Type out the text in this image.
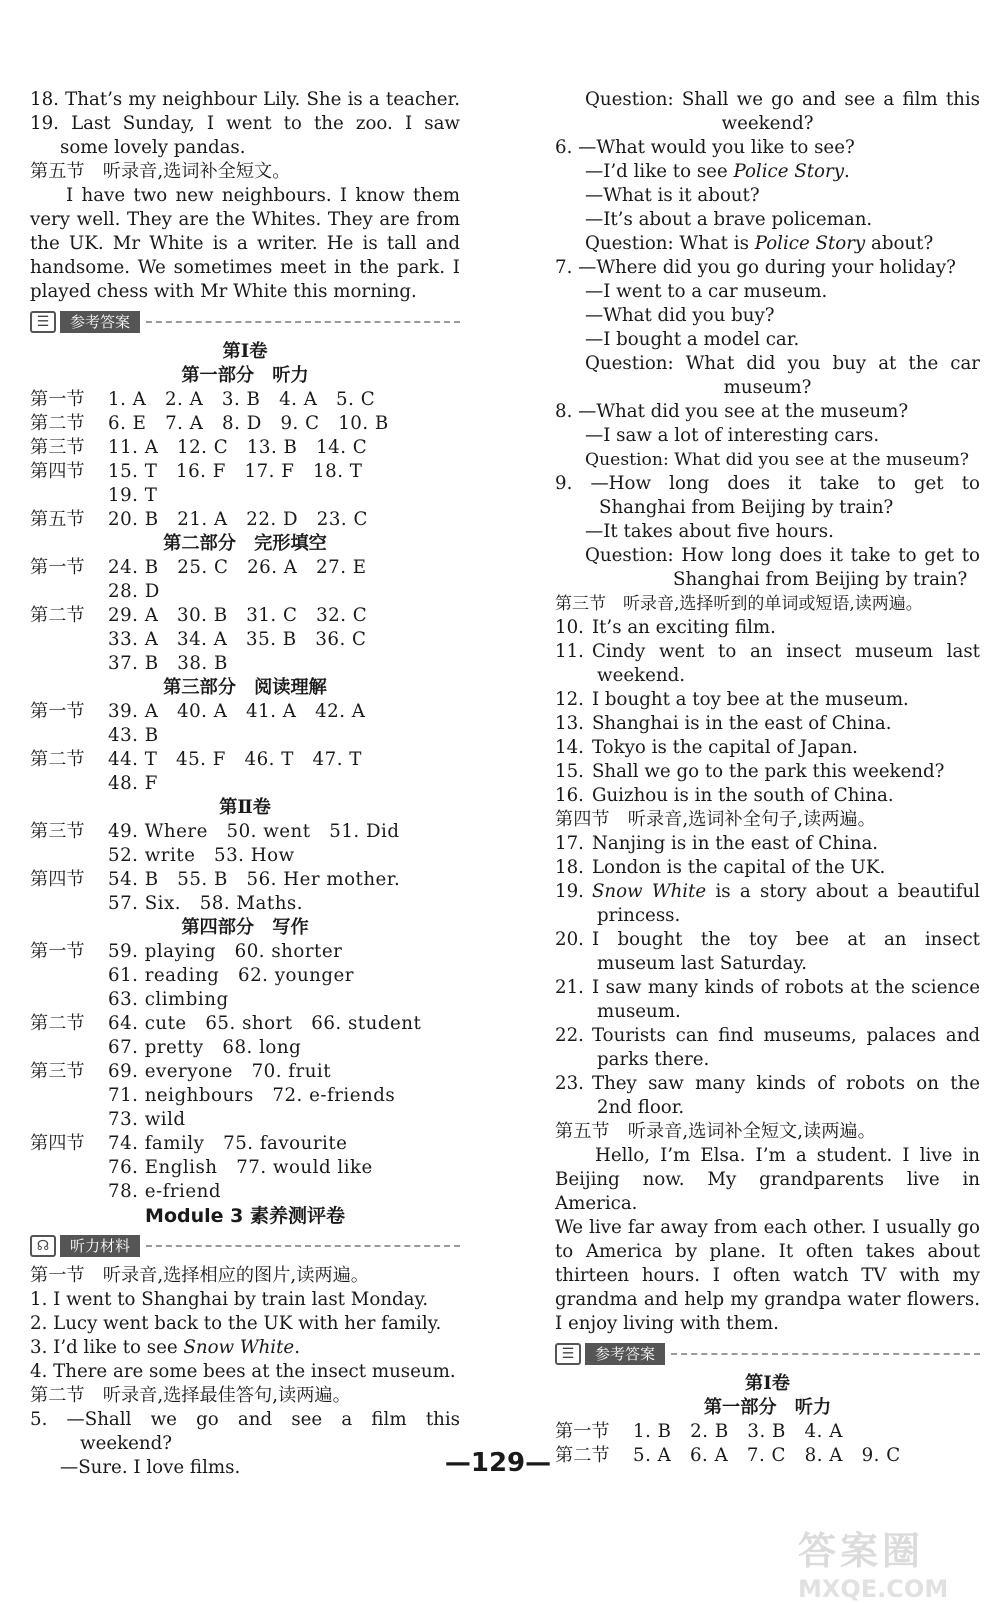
18. That’s my neighbour Lily. She is a teacher.
19. Last Sunday, I went to the zoo. I saw
some lovely pandas.
第五节　听录音,选词补全短文。
I have two new neighbours. I know them
very well. They are the Whites. They are from
the UK. Mr White is a writer. He is tall and
handsome. We sometimes meet in the park. I
played chess with Mr White this morning.
☰	参考答案
第Ⅰ卷
第一部分　听力
第一节	1. A　2. A　3. B　4. A　5. C
第二节	6. E　7. A　8. D　9. C　10. B
第三节	11. A　12. C　13. B　14. C
第四节	15. T　16. F　17. F　18. T
19. T
第五节	20. B　21. A　22. D　23. C
第二部分　完形填空
第一节	24. B　25. C　26. A　27. E
28. D
第二节	29. A　30. B　31. C　32. C
33. A　34. A　35. B　36. C
37. B　38. B
第三部分　阅读理解
第一节	39. A　40. A　41. A　42. A
43. B
第二节	44. T　45. F　46. T　47. T
48. F
第Ⅱ卷
第三节	49. Where　50. went　51. Did
52. write　53. How
第四节	54. B　55. B　56. Her mother.
57. Six.　58. Maths.
第四部分　写作
第一节	59. playing　60. shorter
61. reading　62. younger
63. climbing
第二节	64. cute　65. short　66. student
67. pretty　68. long
第三节	69. everyone　70. fruit
71. neighbours　72. e-friends
73. wild
第四节	74. family　75. favourite
76. English　77. would like
78. e-friend
Module 3 素养测评卷
☊	听力材料
第一节　听录音,选择相应的图片,读两遍。
1. I went to Shanghai by train last Monday.
2. Lucy went back to the UK with her family.
3. I’d like to see Snow White.
4. There are some bees at the insect museum.
第二节　听录音,选择最佳答句,读两遍。
5. —Shall we go and see a film this
weekend?
—Sure. I love films.
Question: Shall we go and see a film this
weekend?
6. —What would you like to see?
—I’d like to see Police Story.
—What is it about?
—It’s about a brave policeman.
Question: What is Police Story about?
7. —Where did you go during your holiday?
—I went to a car museum.
—What did you buy?
—I bought a model car.
Question: What did you buy at the car
museum?
8. —What did you see at the museum?
—I saw a lot of interesting cars.
Question: What did you see at the museum?
9. —How long does it take to get to
Shanghai from Beijing by train?
—It takes about five hours.
Question: How long does it take to get to
Shanghai from Beijing by train?
第三节　听录音,选择听到的单词或短语,读两遍。
10. It’s an exciting film.
11. Cindy went to an insect museum last
weekend.
12. I bought a toy bee at the museum.
13. Shanghai is in the east of China.
14. Tokyo is the capital of Japan.
15. Shall we go to the park this weekend?
16. Guizhou is in the south of China.
第四节　听录音,选词补全句子,读两遍。
17. Nanjing is in the east of China.
18. London is the capital of the UK.
19. Snow White is a story about a beautiful
princess.
20. I bought the toy bee at an insect
museum last Saturday.
21. I saw many kinds of robots at the science
museum.
22. Tourists can find museums, palaces and
parks there.
23. They saw many kinds of robots on the
2nd floor.
第五节　听录音,选词补全短文,读两遍。
Hello, I’m Elsa. I’m a student. I live in
Beijing now. My grandparents live in America.
We live far away from each other. I usually go
to America by plane. It often takes about
thirteen hours. I often watch TV with my
grandma and help my grandpa water flowers.
I enjoy living with them.
☰	参考答案
第Ⅰ卷
第一部分　听力
第一节	1. B　2. B　3. B　4. A
第二节	5. A　6. A　7. C　8. A　9. C
—129—
答案圈
MXQE.COM
